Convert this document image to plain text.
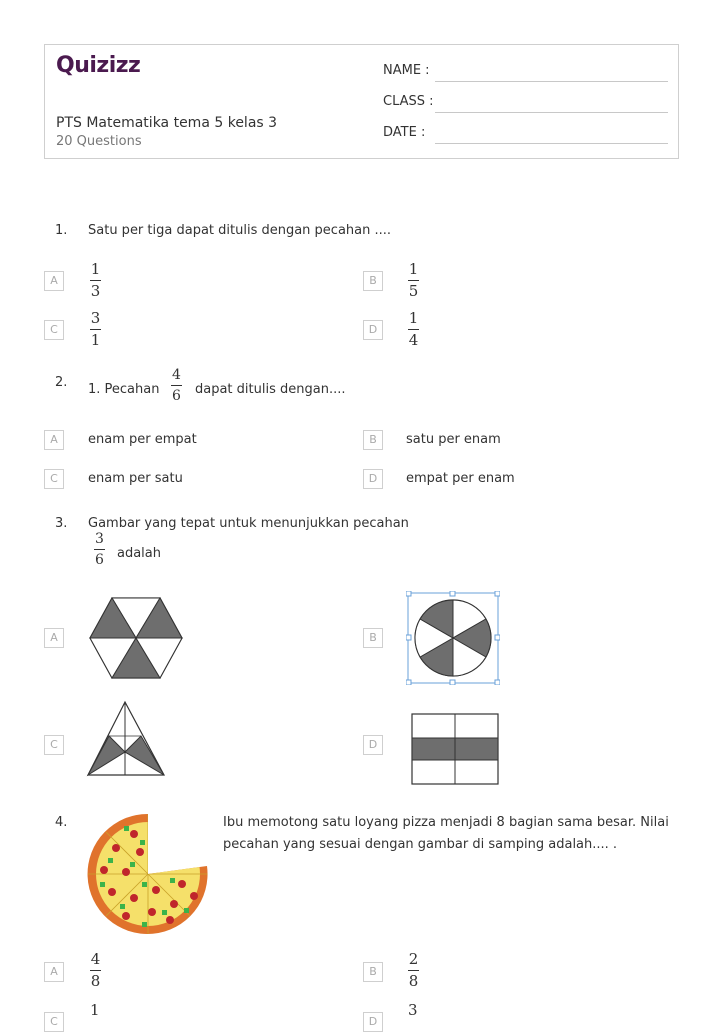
Quizizz
PTS Matematika tema 5 kelas 3
20 Questions
NAME :
CLASS :
DATE :
1. Satu per tiga dapat ditulis dengan pecahan ....
A
1
3
B
1
5
C
3
1
D
1
4
2. 1. Pecahan
4
6 dapat ditulis dengan....
A	enam per empat	B	satu per enam
C	enam per satu	D	empat per enam
3. Gambar yang tepat untuk menunjukkan pecahan
3
6 adalah
A	B
C	D
4.	Ibu memotong satu loyang pizza menjadi 8 bagian sama besar. Nilai
pecahan yang sesuai dengan gambar di samping adalah.... .
A
4
8
B
2
8
C
1
D
3
